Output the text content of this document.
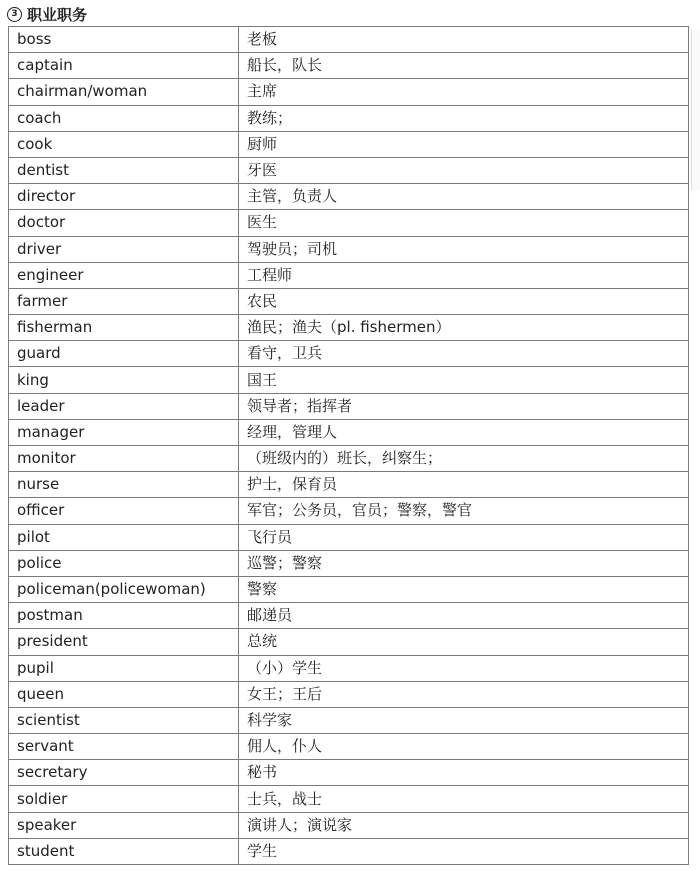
3 职业职务
boss	老板
captain	船长，队长
chairman/woman	主席
coach	教练；
cook	厨师
dentist	牙医
director	主管，负责人
doctor	医生
driver	驾驶员；司机
engineer	工程师
farmer	农民
fisherman	渔民；渔夫（pl. fishermen）
guard	看守，卫兵
king	国王
leader	领导者；指挥者
manager	经理，管理人
monitor	（班级内的）班长，纠察生；
nurse	护士，保育员
officer	军官；公务员，官员；警察，警官
pilot	飞行员
police	巡警；警察
policeman(policewoman)	警察
postman	邮递员
president	总统
pupil	（小）学生
queen	女王；王后
scientist	科学家
servant	佣人，仆人
secretary	秘书
soldier	士兵，战士
speaker	演讲人；演说家
student	学生
